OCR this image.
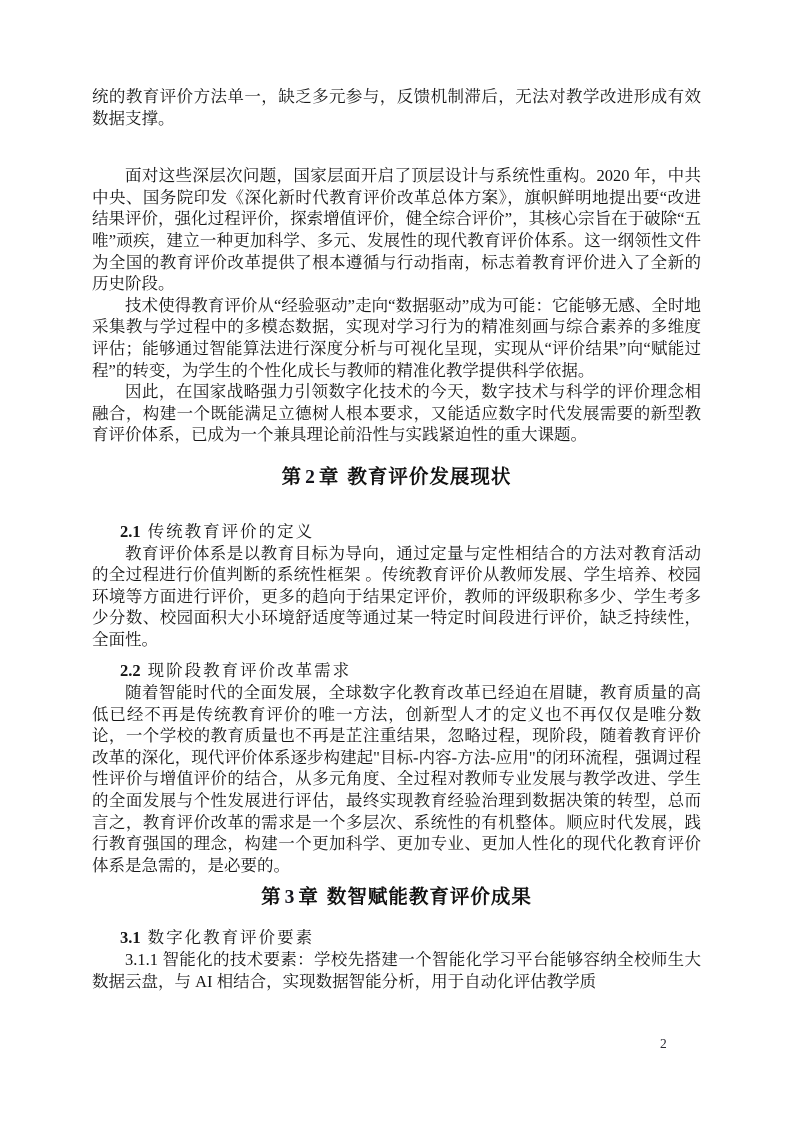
统的教育评价方法单一，缺乏多元参与，反馈机制滞后，无法对教学改进形成有效数据支撑。

面对这些深层次问题，国家层面开启了顶层设计与系统性重构。2020 年，中共中央、国务院印发《深化新时代教育评价改革总体方案》，旗帜鲜明地提出要“改进结果评价，强化过程评价，探索增值评价，健全综合评价”，其核心宗旨在于破除“五唯”顽疾，建立一种更加科学、多元、发展性的现代教育评价体系。这一纲领性文件为全国的教育评价改革提供了根本遵循与行动指南，标志着教育评价进入了全新的历史阶段。

技术使得教育评价从“经验驱动”走向“数据驱动”成为可能：它能够无感、全时地采集教与学过程中的多模态数据，实现对学习行为的精准刻画与综合素养的多维度评估；能够通过智能算法进行深度分析与可视化呈现，实现从“评价结果”向“赋能过程”的转变，为学生的个性化成长与教师的精准化教学提供科学依据。

因此，在国家战略强力引领数字化技术的今天，数字技术与科学的评价理念相融合，构建一个既能满足立德树人根本要求，又能适应数字时代发展需要的新型教育评价体系，已成为一个兼具理论前沿性与实践紧迫性的重大课题。

第 2 章 教育评价发展现状
2.1 传统教育评价的定义

教育评价体系是以教育目标为导向，通过定量与定性相结合的方法对教育活动的全过程进行价值判断的系统性框架 。传统教育评价从教师发展、学生培养、校园环境等方面进行评价，更多的趋向于结果定评价，教师的评级职称多少、学生考多少分数、校园面积大小环境舒适度等通过某一特定时间段进行评价，缺乏持续性，全面性。

2.2 现阶段教育评价改革需求

随着智能时代的全面发展，全球数字化教育改革已经迫在眉睫，教育质量的高低已经不再是传统教育评价的唯一方法，创新型人才的定义也不再仅仅是唯分数论，一个学校的教育质量也不再是芷注重结果，忽略过程，现阶段，随着教育评价改革的深化，现代评价体系逐步构建起"目标-内容-方法-应用"的闭环流程，强调过程性评价与增值评价的结合，从多元角度、全过程对教师专业发展与教学改进、学生的全面发展与个性发展进行评估，最终实现教育经验治理到数据决策的转型，总而言之，教育评价改革的需求是一个多层次、系统性的有机整体。顺应时代发展，践行教育强国的理念，构建一个更加科学、更加专业、更加人性化的现代化教育评价体系是急需的，是必要的。

第 3 章 数智赋能教育评价成果
3.1 数字化教育评价要素

3.1.1 智能化的技术要素：学校先搭建一个智能化学习平台能够容纳全校师生大数据云盘，与 AI 相结合，实现数据智能分析，用于自动化评估教学质

2
